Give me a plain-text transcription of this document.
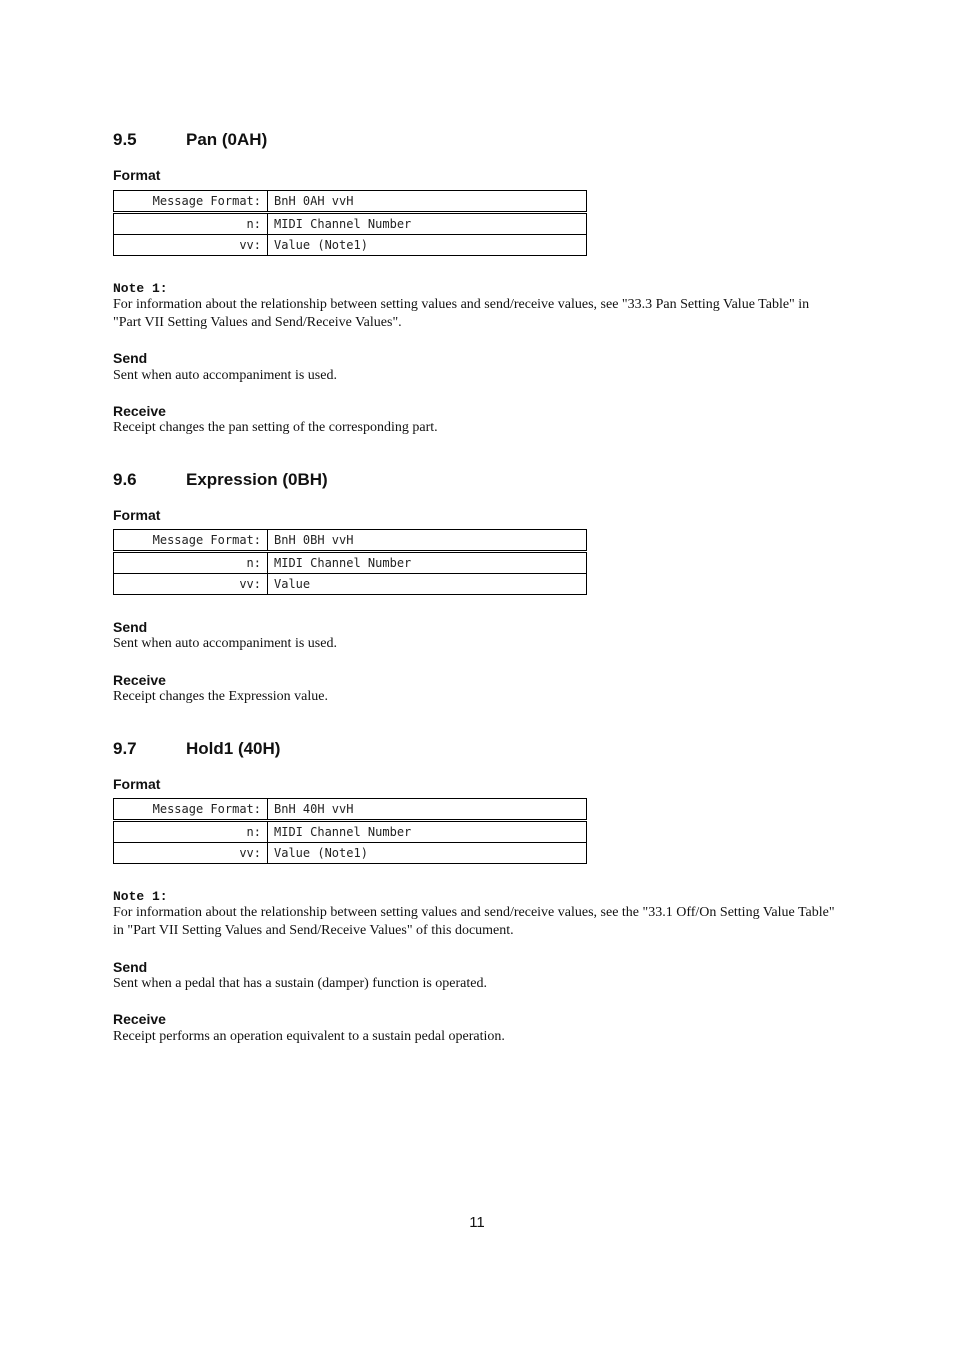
9.5	Pan (0AH)

Format

Message Format:	BnH 0AH vvH
n:	MIDI Channel Number
vv:	Value (Note1)

Note 1:

For information about the relationship between setting values and send/receive values, see "33.3 Pan Setting Value Table" in "Part VII Setting Values and Send/Receive Values".

Send

Sent when auto accompaniment is used.

Receive

Receipt changes the pan setting of the corresponding part.

9.6	Expression (0BH)

Format

Message Format:	BnH 0BH vvH
n:	MIDI Channel Number
vv:	Value

Send

Sent when auto accompaniment is used.

Receive

Receipt changes the Expression value.

9.7	Hold1 (40H)

Format

Message Format:	BnH 40H vvH
n:	MIDI Channel Number
vv:	Value (Note1)

Note 1:

For information about the relationship between setting values and send/receive values, see the "33.1 Off/On Setting Value Table" in "Part VII Setting Values and Send/Receive Values" of this document.

Send

Sent when a pedal that has a sustain (damper) function is operated.

Receive

Receipt performs an operation equivalent to a sustain pedal operation.

11
